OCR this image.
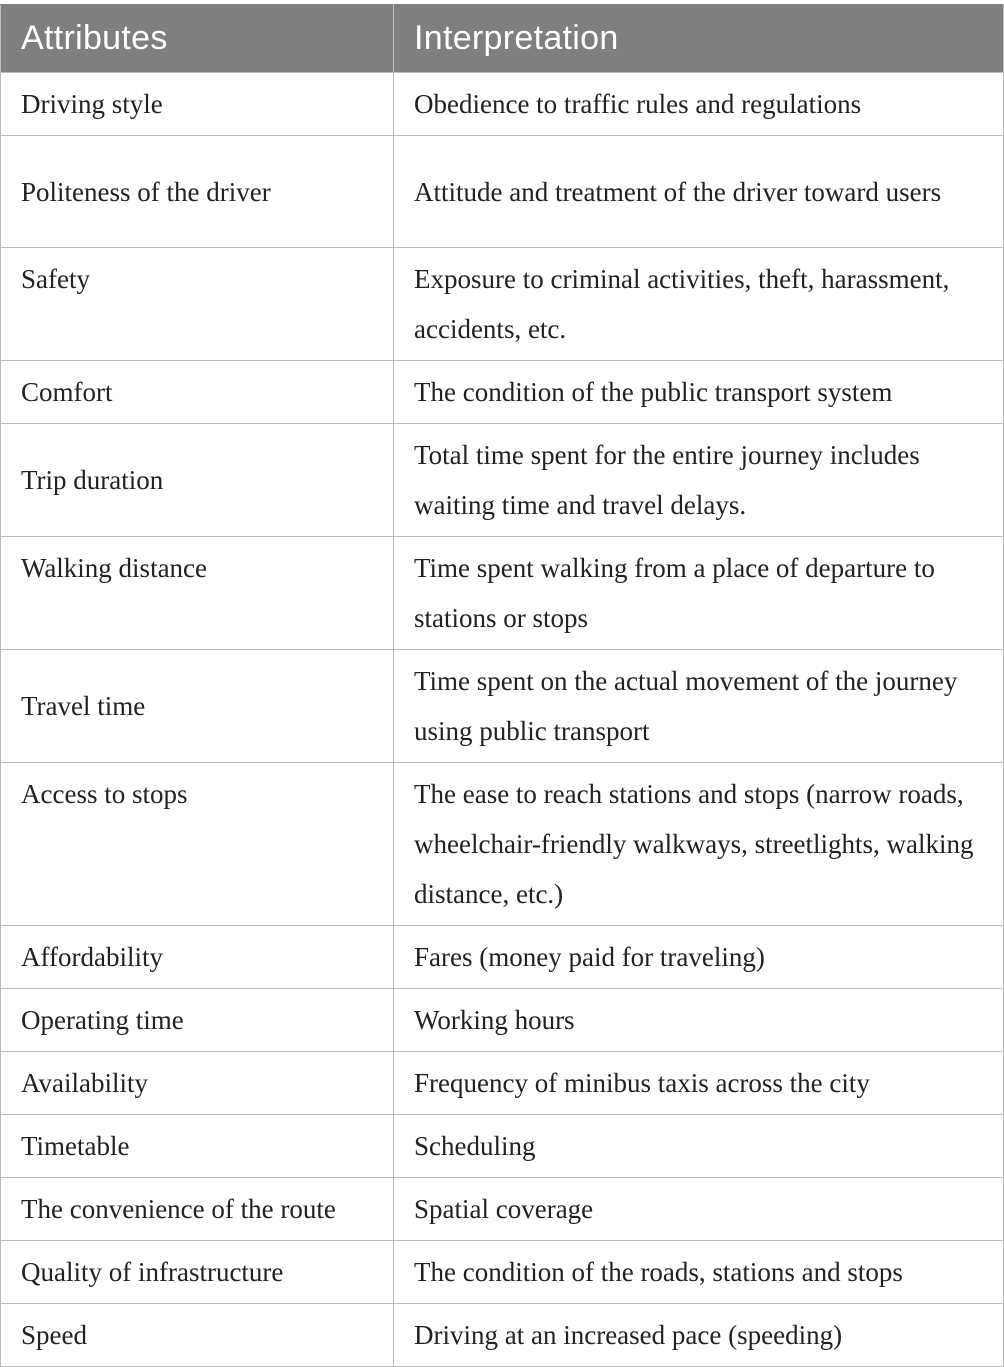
Attributes	Interpretation
Driving style	Obedience to traffic rules and regulations
Politeness of the driver	Attitude and treatment of the driver toward users
Safety	Exposure to criminal activities, theft, harassment, accidents, etc.
Comfort	The condition of the public transport system
Trip duration	Total time spent for the entire journey includes waiting time and travel delays.
Walking distance	Time spent walking from a place of departure to stations or stops
Travel time	Time spent on the actual movement of the journey using public transport
Access to stops	The ease to reach stations and stops (narrow roads, wheelchair-friendly walkways, streetlights, walking distance, etc.)
Affordability	Fares (money paid for traveling)
Operating time	Working hours
Availability	Frequency of minibus taxis across the city
Timetable	Scheduling
The convenience of the route	Spatial coverage
Quality of infrastructure	The condition of the roads, stations and stops
Speed	Driving at an increased pace (speeding)
